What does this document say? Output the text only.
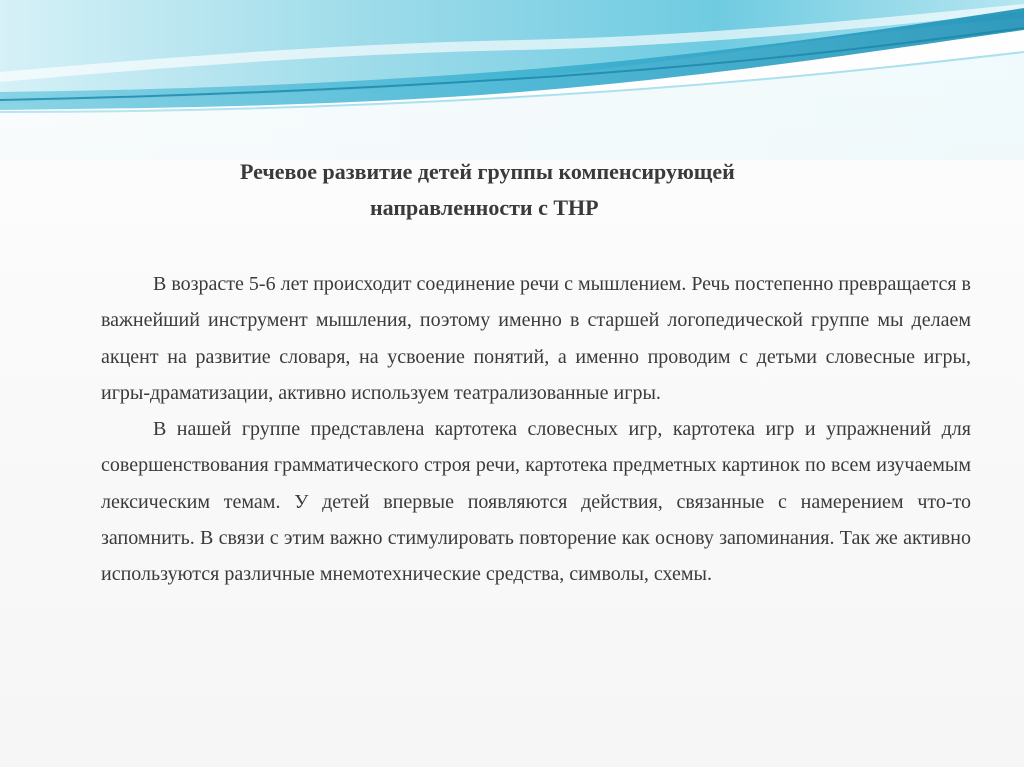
Речевое развитие детей группы компенсирующей
направленности с ТНР

В возрасте 5-6 лет происходит соединение речи с мышлением. Речь постепенно превращается в важнейший инструмент мышления, поэтому именно в старшей логопедической группе мы делаем акцент на развитие словаря, на усвоение понятий, а именно проводим с детьми словесные игры, игры-драматизации, активно используем театрализованные игры.

В нашей группе представлена картотека словесных игр, картотека игр и упражнений для совершенствования грамматического строя речи, картотека предметных картинок по всем изучаемым лексическим темам. У детей впервые появляются действия, связанные с намерением что-то запомнить. В связи с этим важно стимулировать повторение как основу запоминания. Так же активно используются различные мнемотехнические средства, символы, схемы.
